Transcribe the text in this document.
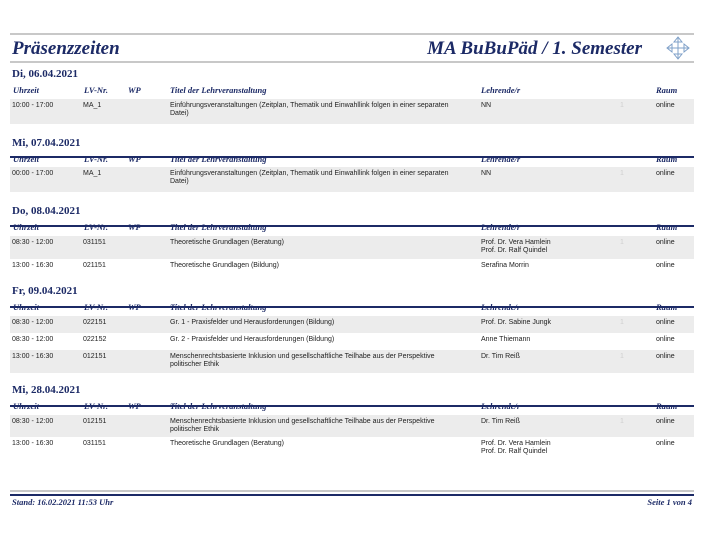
Präsenzzeiten	MA BuBuPäd / 1. Semester
Di, 06.04.2021
Uhrzeit	LV-Nr. WP	Titel der Lehrveranstaltung	Lehrende/r	Raum
10:00 - 17:00	MA_1	Einführungsveranstaltungen (Zeitplan, Thematik und Einwahllink folgen in einer separaten
Datei)
NN	1	online
Mi, 07.04.2021
Uhrzeit	LV-Nr. WP	Titel der Lehrveranstaltung	Lehrende/r	Raum
00:00 - 17:00	MA_1	Einführungsveranstaltungen (Zeitplan, Thematik und Einwahllink folgen in einer separaten
Datei)
NN	1	online
Do, 08.04.2021
Uhrzeit	LV-Nr. WP	Titel der Lehrveranstaltung	Lehrende/r	Raum
08:30 - 12:00	031151	Theoretische Grundlagen (Beratung)	Prof. Dr. Vera Hamlein
Prof. Dr. Ralf Quindel
1	online
13:00 - 16:30	021151	Theoretische Grundlagen (Bildung)	Serafina Morrin	online
Fr, 09.04.2021
Uhrzeit	LV-Nr. WP	Titel der Lehrveranstaltung	Lehrende/r	Raum
08:30 - 12:00	022151	Gr. 1 - Praxisfelder und Herausforderungen (Bildung)	Prof. Dr. Sabine Jungk	1	online
08:30 - 12:00	022152	Gr. 2 - Praxisfelder und Herausforderungen (Bildung)	Anne Thiemann	online
13:00 - 16:30	012151	Menschenrechtsbasierte Inklusion und gesellschaftliche Teilhabe aus der Perspektive
politischer Ethik
Dr. Tim Reiß	1	online
Mi, 28.04.2021
Uhrzeit	LV-Nr. WP	Titel der Lehrveranstaltung	Lehrende/r	Raum
08:30 - 12:00	012151	Menschenrechtsbasierte Inklusion und gesellschaftliche Teilhabe aus der Perspektive
politischer Ethik
Dr. Tim Reiß	1	online
13:00 - 16:30	031151	Theoretische Grundlagen (Beratung)	Prof. Dr. Vera Hamlein
Prof. Dr. Ralf Quindel
online
Stand: 16.02.2021 11:53 Uhr	Seite 1 von 4
